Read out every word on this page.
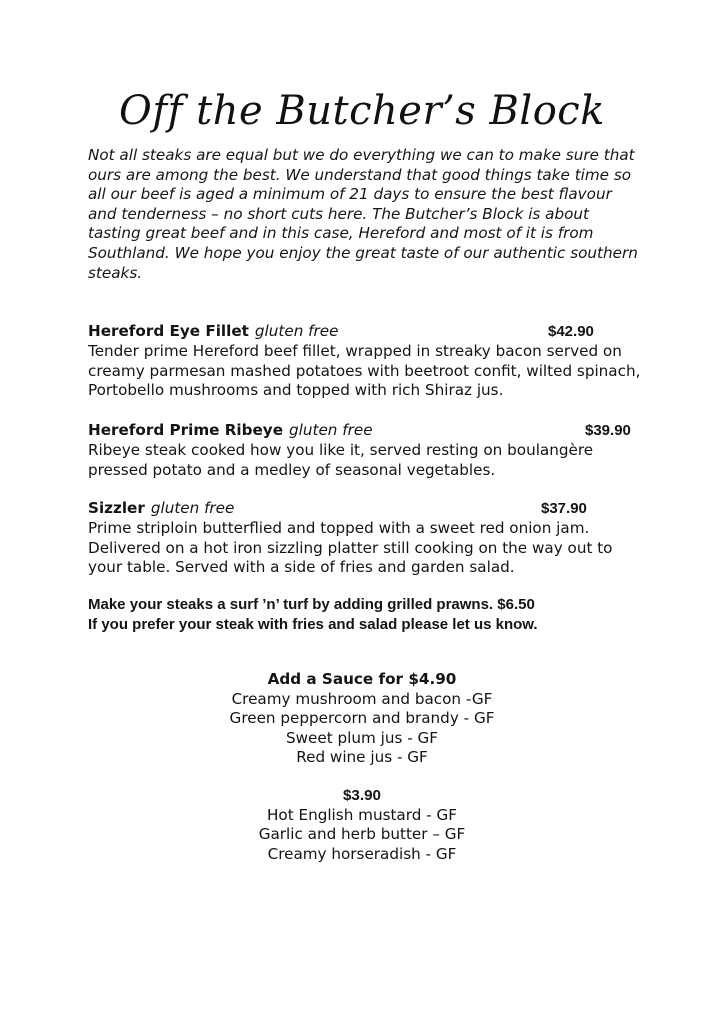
Off the Butcher’s Block
Not all steaks are equal but we do everything we can to make sure that ours are among the best. We understand that good things take time so all our beef is aged a minimum of 21 days to ensure the best flavour and tenderness – no short cuts here. The Butcher’s Block is about tasting great beef and in this case, Hereford and most of it is from Southland. We hope you enjoy the great taste of our authentic southern steaks.
Hereford Eye Fillet gluten free	$42.90

Tender prime Hereford beef fillet, wrapped in streaky bacon served on creamy parmesan mashed potatoes with beetroot confit, wilted spinach, Portobello mushrooms and topped with rich Shiraz jus.

Hereford Prime Ribeye gluten free	$39.90

Ribeye steak cooked how you like it, served resting on boulangère pressed potato and a medley of seasonal vegetables.

Sizzler gluten free	$37.90

Prime striploin butterflied and topped with a sweet red onion jam. Delivered on a hot iron sizzling platter still cooking on the way out to your table. Served with a side of fries and garden salad.

Make your steaks a surf ’n’ turf by adding grilled prawns. $6.50
If you prefer your steak with fries and salad please let us know.
Add a Sauce for $4.90
Creamy mushroom and bacon -GF
Green peppercorn and brandy - GF
Sweet plum jus - GF
Red wine jus - GF
$3.90
Hot English mustard - GF
Garlic and herb butter – GF
Creamy horseradish - GF
